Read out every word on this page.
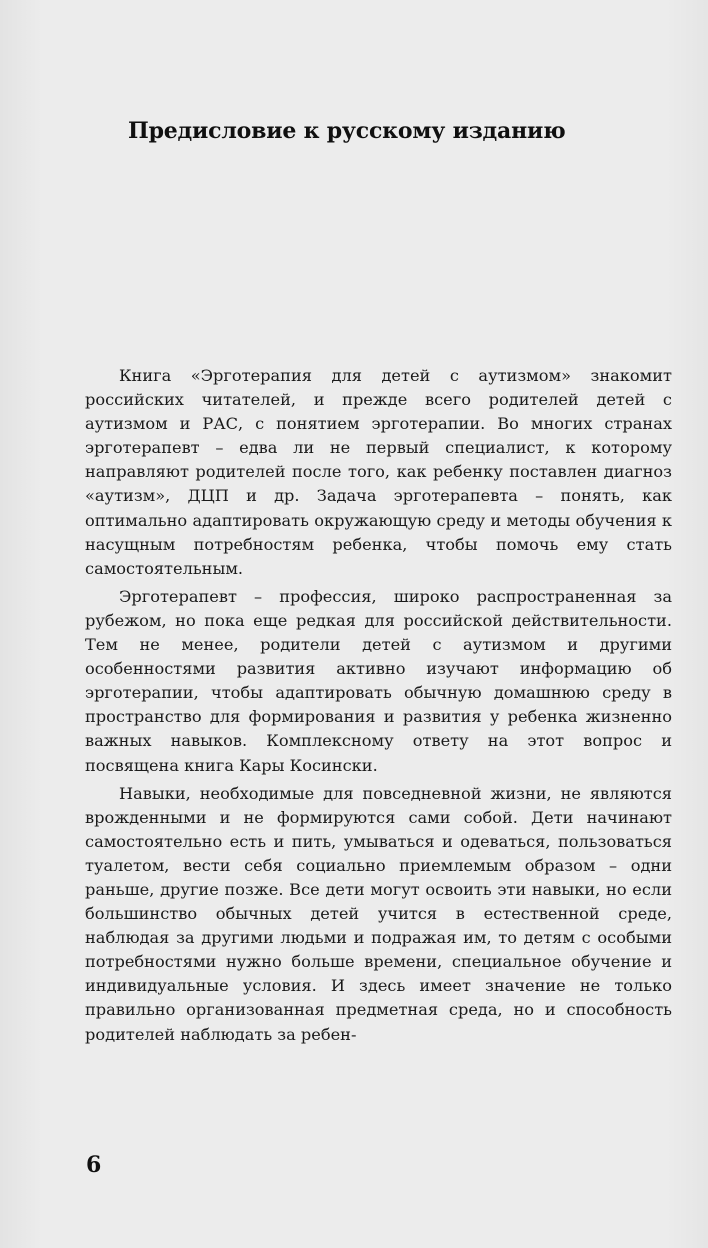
Предисловие к русскому изданию

Книга «Эрготерапия для детей с аутизмом» знакомит российских читателей, и прежде всего родителей детей с аутизмом и РАС, с понятием эрготерапии. Во многих странах эрготерапевт – едва ли не первый специалист, к которому направляют родителей после того, как ребенку поставлен диагноз «аутизм», ДЦП и др. Задача эрготерапевта – понять, как оптимально адаптировать окружающую среду и методы обучения к насущным потребностям ребенка, чтобы помочь ему стать самостоятельным.

Эрготерапевт – профессия, широко распространенная за рубежом, но пока еще редкая для российской действительности. Тем не менее, родители детей с аутизмом и другими особенностями развития активно изучают информацию об эрготерапии, чтобы адаптировать обычную домашнюю среду в пространство для формирования и развития у ребенка жизненно важных навыков. Комплексному ответу на этот вопрос и посвящена книга Кары Косински.

Навыки, необходимые для повседневной жизни, не являются врожденными и не формируются сами собой. Дети начинают самостоятельно есть и пить, умываться и одеваться, пользоваться туалетом, вести себя социально приемлемым образом – одни раньше, другие позже. Все дети могут освоить эти навыки, но если большинство обычных детей учится в естественной среде, наблюдая за другими людьми и подражая им, то детям с особыми потребностями нужно больше времени, специальное обучение и индивидуальные условия. И здесь имеет значение не только правильно организованная предметная среда, но и способность родителей наблюдать за ребен-

6
